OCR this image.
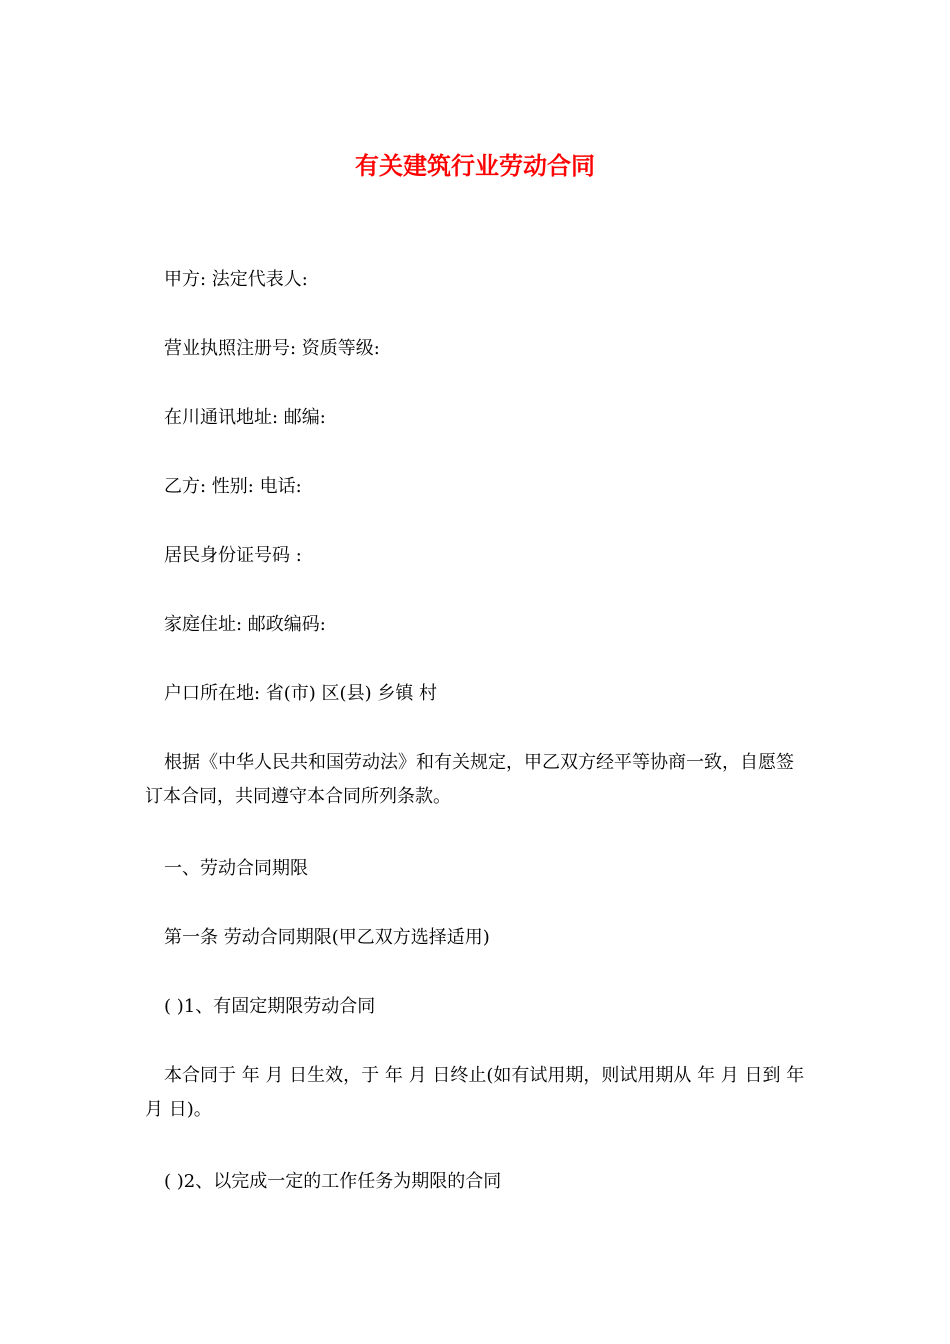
有关建筑行业劳动合同
甲方: 法定代表人:
营业执照注册号: 资质等级:
在川通讯地址: 邮编:
乙方: 性别: 电话:
居民身份证号码 :
家庭住址: 邮政编码:
户口所在地: 省(市) 区(县) 乡镇 村
根据《中华人民共和国劳动法》和有关规定，甲乙双方经平等协商一致，自愿签订本合同，共同遵守本合同所列条款。
一、劳动合同期限
第一条 劳动合同期限(甲乙双方选择适用)
( )1、有固定期限劳动合同
本合同于 年 月 日生效，于 年 月 日终止(如有试用期，则试用期从 年 月 日到 年 月 日)。
( )2、以完成一定的工作任务为期限的合同
